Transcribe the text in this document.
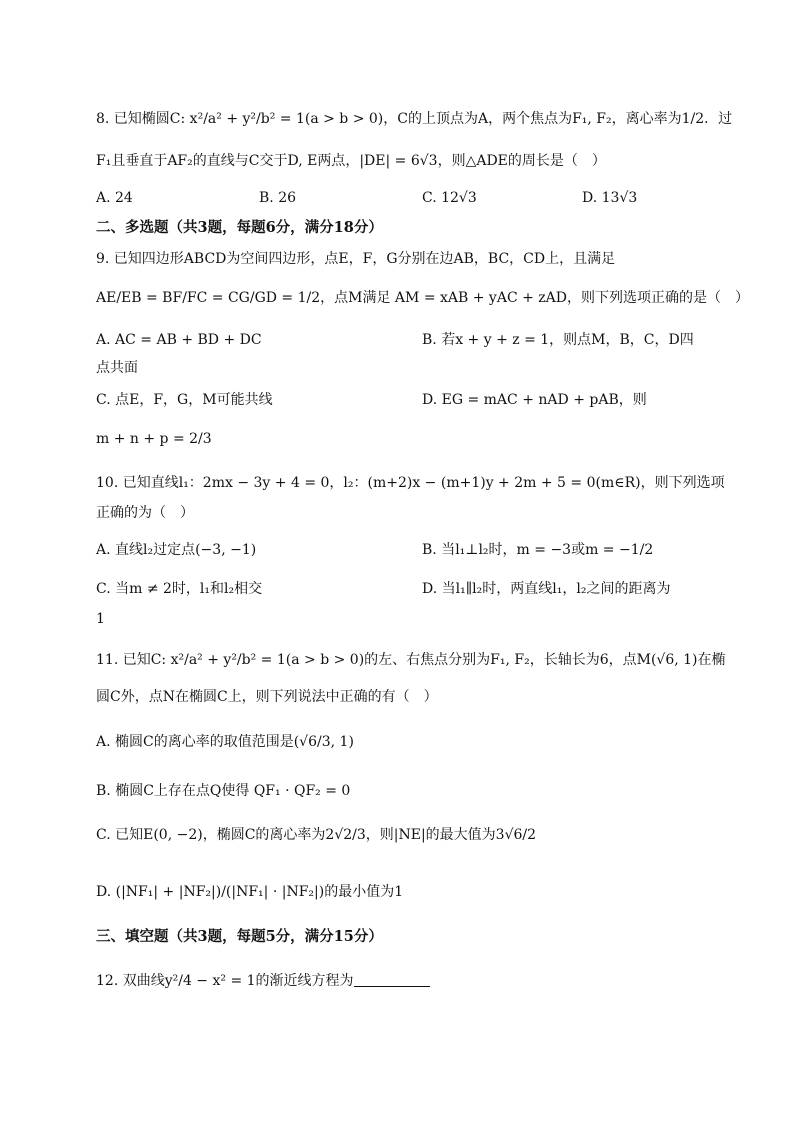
8. 已知椭圆C: x²/a² + y²/b² = 1(a > b > 0)，C的上顶点为A，两个焦点为F₁, F₂，离心率为1/2．过
F₁且垂直于AF₂的直线与C交于D, E两点，|DE| = 6√3，则△ADE的周长是（　）
A. 24	B. 26	C. 12√3	D. 13√3
二、多选题（共3题，每题6分，满分18分）
9. 已知四边形ABCD为空间四边形，点E，F，G分别在边AB，BC，CD上，且满足
AE/EB = BF/FC = CG/GD = 1/2，点M满足 AM = xAB + yAC + zAD，则下列选项正确的是（　）
A. AC = AB + BD + DC	B. 若x + y + z = 1，则点M，B，C，D四
点共面
C. 点E，F，G，M可能共线	D. EG = mAC + nAD + pAB，则
m + n + p = 2/3
10. 已知直线l₁：2mx − 3y + 4 = 0，l₂：(m+2)x − (m+1)y + 2m + 5 = 0(m∈R)，则下列选项
正确的为（　）
A. 直线l₂过定点(−3, −1)	B. 当l₁⊥l₂时，m = −3或m = −1/2
C. 当m ≠ 2时，l₁和l₂相交	D. 当l₁∥l₂时，两直线l₁，l₂之间的距离为
1
11. 已知C: x²/a² + y²/b² = 1(a > b > 0)的左、右焦点分别为F₁, F₂，长轴长为6，点M(√6, 1)在椭
圆C外，点N在椭圆C上，则下列说法中正确的有（　）
A. 椭圆C的离心率的取值范围是(√6/3, 1)
B. 椭圆C上存在点Q使得 QF₁ · QF₂ = 0
C. 已知E(0, −2)，椭圆C的离心率为2√2/3，则|NE|的最大值为3√6/2
D. (|NF₁| + |NF₂|)/(|NF₁| · |NF₂|)的最小值为1
三、填空题（共3题，每题5分，满分15分）
12. 双曲线y²/4 − x² = 1的渐近线方程为
